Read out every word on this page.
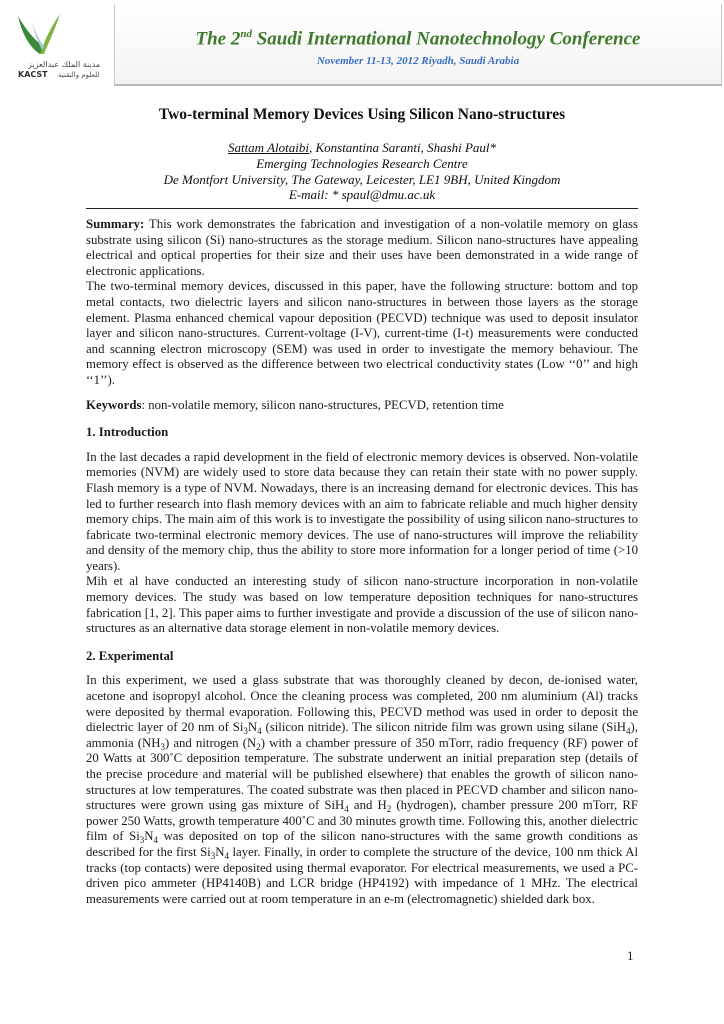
مدينة الملك عبدالعزيز
KACST للعلوم والتقنية
The 2nd Saudi International Nanotechnology Conference
November 11-13, 2012 Riyadh, Saudi Arabia
Two-terminal Memory Devices Using Silicon Nano-structures
Sattam Alotaibi, Konstantina Saranti, Shashi Paul*
Emerging Technologies Research Centre
De Montfort University, The Gateway, Leicester, LE1 9BH, United Kingdom
E-mail: * spaul@dmu.ac.uk

Summary: This work demonstrates the fabrication and investigation of a non-volatile memory on glass substrate using silicon (Si) nano-structures as the storage medium. Silicon nano-structures have appealing electrical and optical properties for their size and their uses have been demonstrated in a wide range of electronic applications.

The two-terminal memory devices, discussed in this paper, have the following structure: bottom and top metal contacts, two dielectric layers and silicon nano-structures in between those layers as the storage element. Plasma enhanced chemical vapour deposition (PECVD) technique was used to deposit insulator layer and silicon nano-structures. Current-voltage (I-V), current-time (I-t) measurements were conducted and scanning electron microscopy (SEM) was used in order to investigate the memory behaviour. The memory effect is observed as the difference between two electrical conductivity states (Low ‘‘0’’ and high ‘‘1’’).

Keywords: non-volatile memory, silicon nano-structures, PECVD, retention time

1. Introduction

In the last decades a rapid development in the field of electronic memory devices is observed. Non-volatile memories (NVM) are widely used to store data because they can retain their state with no power supply. Flash memory is a type of NVM. Nowadays, there is an increasing demand for electronic devices. This has led to further research into flash memory devices with an aim to fabricate reliable and much higher density memory chips. The main aim of this work is to investigate the possibility of using silicon nano-structures to fabricate two-terminal electronic memory devices. The use of nano-structures will improve the reliability and density of the memory chip, thus the ability to store more information for a longer period of time (>10 years).

Mih et al have conducted an interesting study of silicon nano-structure incorporation in non-volatile memory devices. The study was based on low temperature deposition techniques for nano-structures fabrication [1, 2]. This paper aims to further investigate and provide a discussion of the use of silicon nano-structures as an alternative data storage element in non-volatile memory devices.

2. Experimental

In this experiment, we used a glass substrate that was thoroughly cleaned by decon, de-ionised water, acetone and isopropyl alcohol. Once the cleaning process was completed, 200 nm aluminium (Al) tracks were deposited by thermal evaporation. Following this, PECVD method was used in order to deposit the dielectric layer of 20 nm of $Si_3N_4$ (silicon nitride). The silicon nitride film was grown using silane (SiH$_4$), ammonia $(NH_3)$ and nitrogen $(N_2)$ with a chamber pressure of 350 mTorr, radio frequency (RF) power of 20 Watts at 300˚C deposition temperature. The substrate underwent an initial preparation step (details of the precise procedure and material will be published elsewhere) that enables the growth of silicon nano-structures at low temperatures. The coated substrate was then placed in PECVD chamber and silicon nano-structures were grown using gas mixture of SiH$_4$ and $H_2$ (hydrogen), chamber pressure 200 mTorr, RF power 250 Watts, growth temperature 400˚C and 30 minutes growth time. Following this, another dielectric film of $Si_3N_4$ was deposited on top of the silicon nano-structures with the same growth conditions as described for the first $Si_3N_4$ layer. Finally, in order to complete the structure of the device, 100 nm thick Al tracks (top contacts) were deposited using thermal evaporator. For electrical measurements, we used a PC-driven pico ammeter (HP4140B) and LCR bridge (HP4192) with impedance of 1 MHz. The electrical measurements were carried out at room temperature in an e-m (electromagnetic) shielded dark box.

1
